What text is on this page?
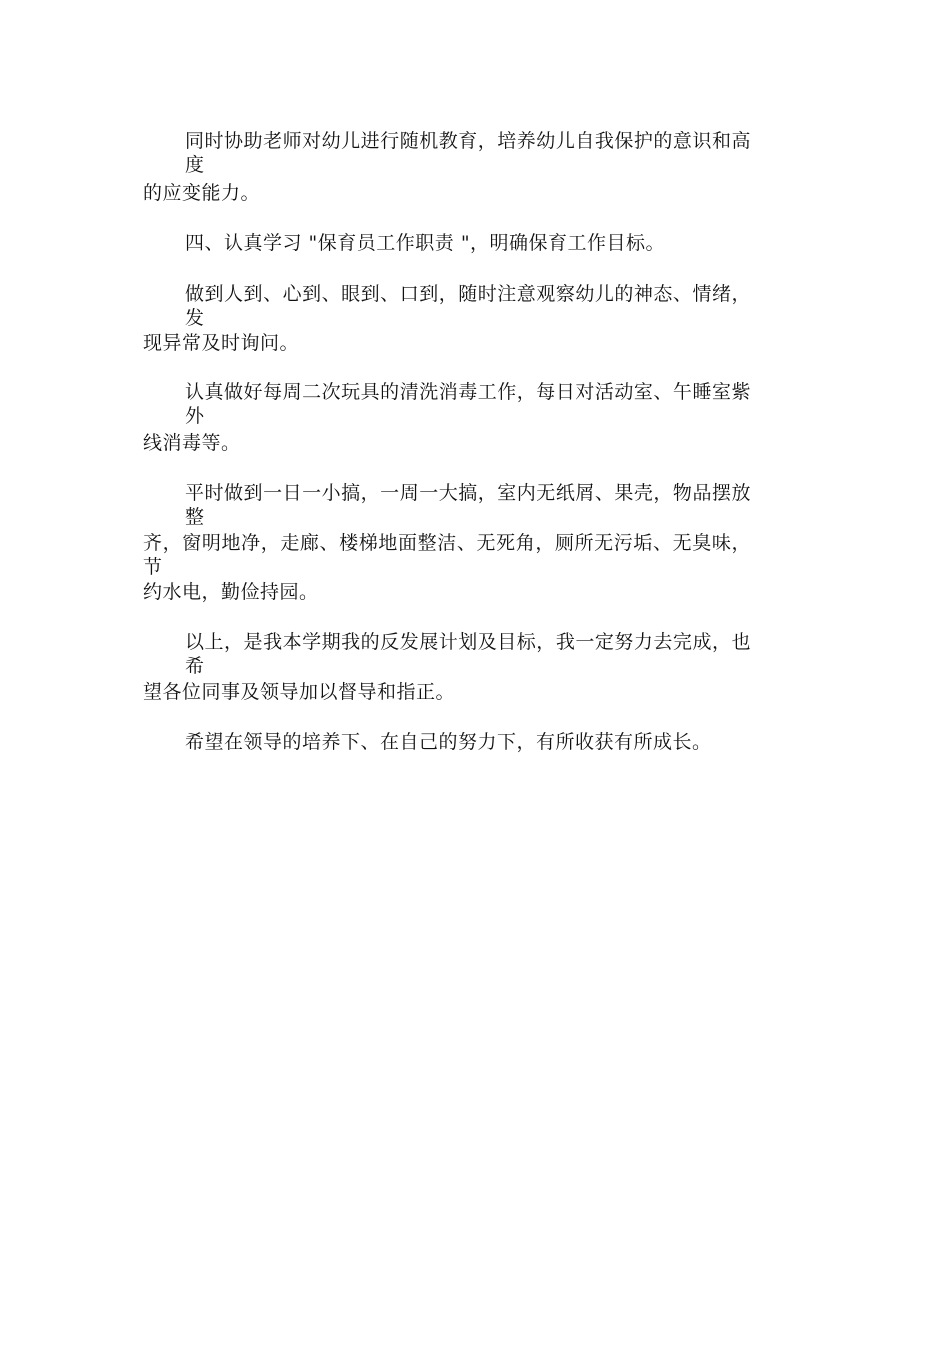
同时协助老师对幼儿进行随机教育，培养幼儿自我保护的意识和高度
的应变能力。
四、认真学习 "保育员工作职责 "，明确保育工作目标。
做到人到、心到、眼到、口到，随时注意观察幼儿的神态、情绪，发
现异常及时询问。
认真做好每周二次玩具的清洗消毒工作，每日对活动室、午睡室紫外
线消毒等。
平时做到一日一小搞，一周一大搞，室内无纸屑、果壳，物品摆放整
齐，窗明地净，走廊、楼梯地面整洁、无死角，厕所无污垢、无臭味，节
约水电，勤俭持园。
以上，是我本学期我的反发展计划及目标，我一定努力去完成，也希
望各位同事及领导加以督导和指正。
希望在领导的培养下、在自己的努力下，有所收获有所成长。
